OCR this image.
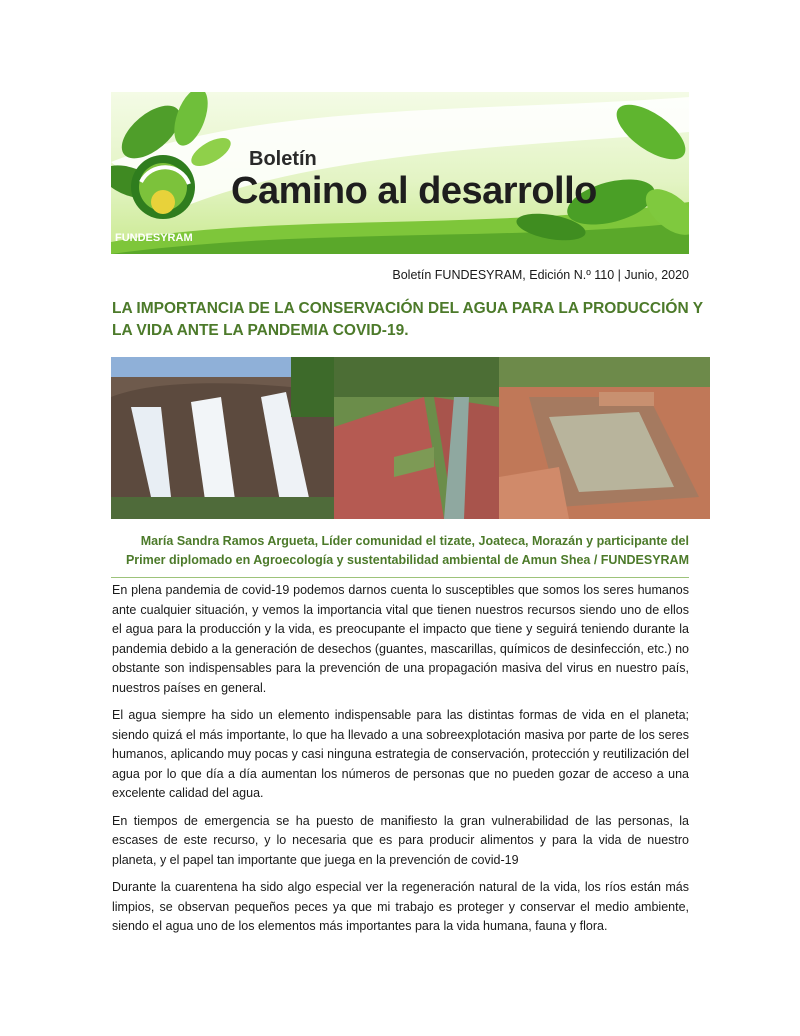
Boletín
Camino al desarrollo
FUNDESYRAM
Boletín FUNDESYRAM, Edición N.º 110 | Junio, 2020
LA IMPORTANCIA DE LA CONSERVACIÓN DEL AGUA PARA LA PRODUCCIÓN Y LA VIDA ANTE LA PANDEMIA COVID-19.
María Sandra Ramos Argueta, Líder comunidad el tizate, Joateca, Morazán y participante del
Primer diplomado en Agroecología y sustentabilidad ambiental de Amun Shea / FUNDESYRAM

En plena pandemia de covid-19 podemos darnos cuenta lo susceptibles que somos los seres humanos ante cualquier situación, y vemos la importancia vital que tienen nuestros recursos siendo uno de ellos el agua para la producción y la vida, es preocupante el impacto que tiene y seguirá teniendo durante la pandemia debido a la generación de desechos (guantes, mascarillas, químicos de desinfección, etc.) no obstante son indispensables para la prevención de una propagación masiva del virus en nuestro país, nuestros países en general.

El agua siempre ha sido un elemento indispensable para las distintas formas de vida en el planeta; siendo quizá el más importante, lo que ha llevado a una sobreexplotación masiva por parte de los seres humanos, aplicando muy pocas y casi ninguna estrategia de conservación, protección y reutilización del agua por lo que día a día aumentan los números de personas que no pueden gozar de acceso a una excelente calidad del agua.

En tiempos de emergencia se ha puesto de manifiesto la gran vulnerabilidad de las personas, la escases de este recurso, y lo necesaria que es para producir alimentos y para la vida de nuestro planeta, y el papel tan importante que juega en la prevención de covid-19

Durante la cuarentena ha sido algo especial ver la regeneración natural de la vida, los ríos están más limpios, se observan pequeños peces ya que mi trabajo es proteger y conservar el medio ambiente, siendo el agua uno de los elementos más importantes para la vida humana, fauna y flora.
